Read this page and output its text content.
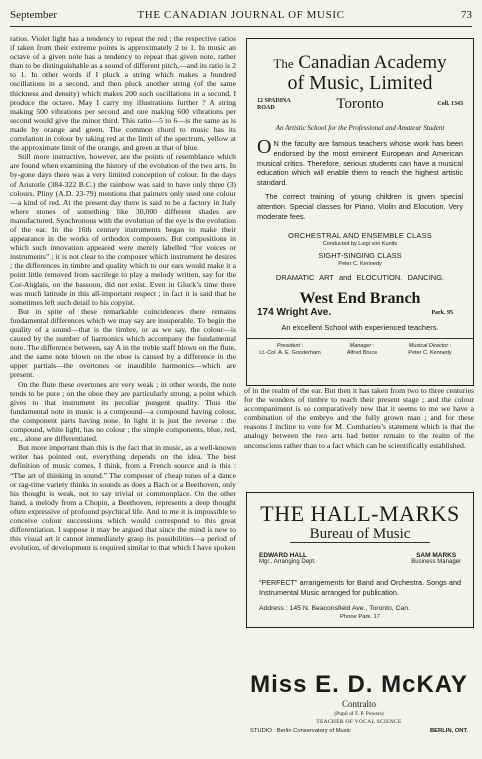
September	THE CANADIAN JOURNAL OF MUSIC	73

ratios. Violet light has a tendency to repeat the red ; the respective ratios if taken from their extreme points is approximately 2 to 1. In music an octave of a given note has a tendency to repeat that given note, rather than to be distinguishable as a sound of different pitch,—and its ratio is 2 to 1. In other words if I pluck a string which makes a hundred oscillations in a second, and then pluck another string (of the same thickness and density) which makes 200 such oscillations in a second, I produce the octave. May I carry my illustrations further ? A string making 500 vibrations per second and one making 600 vibrations per second would give the minor third. This ratio—5 to 6—is the same as is made by orange and green. The common chord to music has its correlation in colour by taking red at the limit of the spectrum, yellow at the approximate limit of the orange, and green at that of blue.

Still more instructive, however, are the points of resemblance which are found when examining the history of the evolution of the two arts. In by-gone days there was a very limited conception of colour. In the days of Aristotle (384-322 B.C.) the rainbow was said to have only three (3) colours. Pliny (A.D. 23-79) mentions that painters only used one colour —a kind of red. At the present day there is said to be a factory in Italy where stones of something like 30,000 different shades are manufactured. Synchronous with the evolution of the eye is the evolution of the ear. In the 16th century instruments began to make their appearance in the works of orthodox composers. But compositions in which such innovation appeared were merely labelled “for voices or instruments” ; it is not clear to the composer which instrument he desires ; the differences in timbre and quality which to our ears would make it a point little removed from sacrilege to play a melody written, say for the Cor-Anglais, on the bassoon, did not exist. Even in Gluck’s time there was much latitude in this all-important respect ; in fact it is said that he sometimes left such detail to his copyist.

But in spite of these remarkable coincidences there remains fundamental differences which we may say are insuperable. To begin the quality of a sound—that is the timbre, or as we say, the colour—is caused by the number of harmonics which accompany the fundamental note. The difference between, say A in the treble staff blown on the flute, and the same note blown on the oboe is caused by a difference in the upper partials—the overtones or inaudible harmonics—which are present.

On the flute these overtones are very weak ; in other words, the note tends to be pure ; on the oboe they are particularly strong, a point which gives to that instrument its peculiar pungent quality. Thus the fundamental note in music is a compound—a compound having colour, the component parts having none. In light it is just the reverse : the compound, white light, has no colour ; the simple components, blue, red, etc., alone are differentiated.

But more important than this is the fact that in music, as a well-known writer has pointed out, everything depends on the idea. The best definition of music comes, I think, from a French source and is this : “The art of thinking in sound.” The composer of cheap tunes of a dance or rag-time variety thinks in sounds as does a Bach or a Beethoven, only his thought is weak, not to say trivial or commonplace. On the other hand, a melody from a Chopin, a Beethoven, represents a deep thought often expressive of profound psychical life. And to me it is impossible to conceive colour successions which would correspond to this great differentiation. I suppose it may be argued that since the mind is new to this visual art it cannot immediately grasp its possibilities—a period of evolution, of development is required similar to that which I have spoken

The Canadian Academy
of Music, Limited
12 SPADINA ROAD	Toronto	Coll. 1343
An Artistic School for the Professional and Amateur Student
O N the faculty are famous teachers whose work has been endorsed by the most eminent European and American musical critics. Therefore, serious students can have a musical education which will enable them to reach the highest artistic standard.
The correct training of young children is given special attention. Special classes for Piano, Violin and Elocution. Very moderate fees.
ORCHESTRAL AND ENSEMBLE CLASS
Conducted by Luigi von Kunits
SIGHT-SINGING CLASS
Peter C. Kennedy
DRAMATIC ART and ELOCUTION. DANCING.
West End Branch
174 Wright Ave.	Park. 95
An excellent School with experienced teachers.
President :
Lt.-Col. A. E. Gooderham
Manager :
Alfred Bruce
Musical Director :
Peter C. Kennedy

of in the realm of the ear. But then it has taken from two to three centuries for the wonders of timbre to reach their present stage ; and the colour accompaniment is so comparatively new that it seems to me we have a combination of the embryo and the fully grown man ; and for these reasons I incline to vote for M. Combarieu’s statement which is that the analogy between the two arts had better remain to the realm of the unconscious rather than to a fact which can be scientifically established.

THE HALL-MARKS
Bureau of Music
EDWARD HALL
Mgr., Arranging Dept.
SAM MARKS
Business Manager
“PERFECT” arrangements for Band and Orchestra. Songs and Instrumental Music arranged for publication.
Address : 145 N. Beaconsfield Ave., Toronto, Can.
Phone Park. 17
Miss E. D. McKAY
Contralto
(Pupil of F. P. Powers)
TEACHER OF VOCAL SCIENCE
STUDIO : Berlin Conservatory of Music	BERLIN, ONT.
